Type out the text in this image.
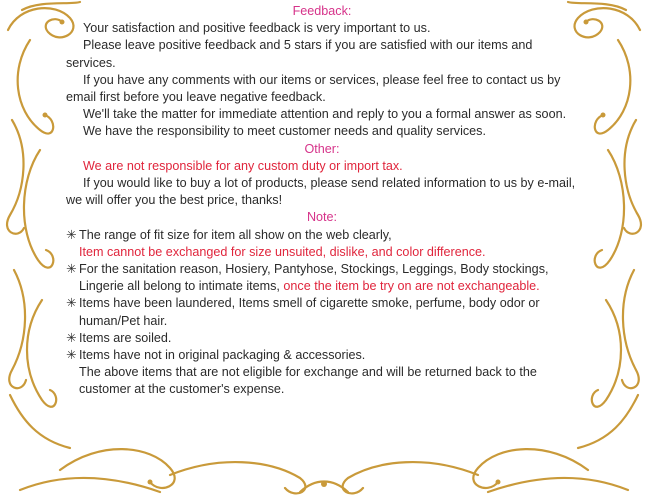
Feedback:
Your satisfaction and positive feedback is very important to us.
Please leave positive feedback and 5 stars if you are satisfied with our items and services.
If you have any comments with our items or services, please feel free to contact us by email first before you leave negative feedback.
We'll take the matter for immediate attention and reply to you a formal answer as soon.
We have the responsibility to meet customer needs and quality services.
Other:
We are not responsible for any custom duty or import tax.
If you would like to buy a lot of products, please send related information to us by e-mail,
we will offer you the best price, thanks!
Note:
✳ The range of fit size for item all show on the web clearly,
Item cannot be exchanged for size unsuited, dislike, and color difference.
✳ For the sanitation reason, Hosiery, Pantyhose, Stockings, Leggings, Body stockings, Lingerie all belong to intimate items, once the item be try on are not exchangeable.
✳ Items have been laundered, Items smell of cigarette smoke, perfume, body odor or human/Pet hair.
✳ Items are soiled.
✳ Items have not in original packaging & accessories.
The above items that are not eligible for exchange and will be returned back to the customer at the customer's expense.
